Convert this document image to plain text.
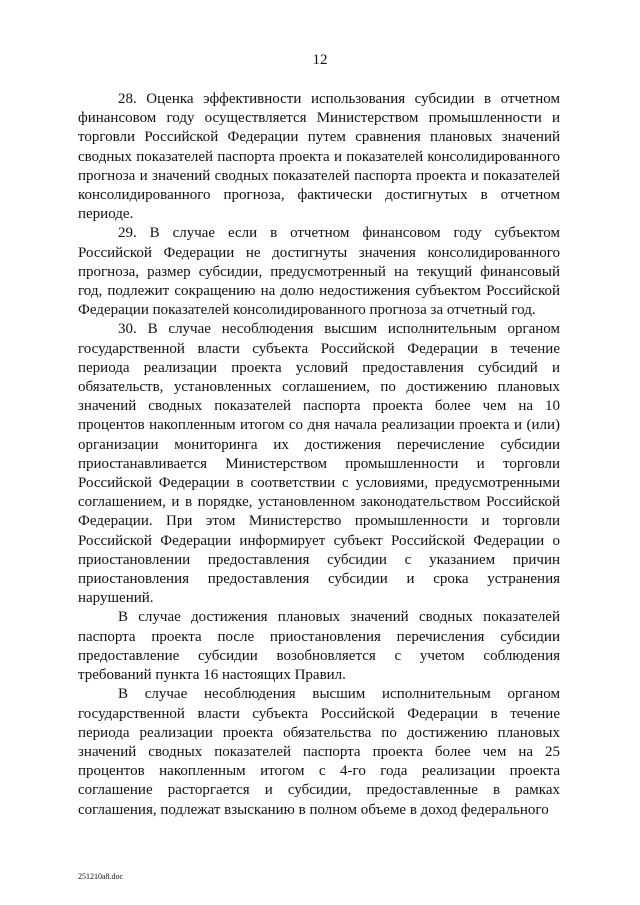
12

28. Оценка эффективности использования субсидии в отчетном финансовом году осуществляется Министерством промышленности и торговли Российской Федерации путем сравнения плановых значений сводных показателей паспорта проекта и показателей консолидированного прогноза и значений сводных показателей паспорта проекта и показателей консолидированного прогноза, фактически достигнутых в отчетном периоде.

29. В случае если в отчетном финансовом году субъектом Российской Федерации не достигнуты значения консолидированного прогноза, размер субсидии, предусмотренный на текущий финансовый год, подлежит сокращению на долю недостижения субъектом Российской Федерации показателей консолидированного прогноза за отчетный год.

30. В случае несоблюдения высшим исполнительным органом государственной власти субъекта Российской Федерации в течение периода реализации проекта условий предоставления субсидий и обязательств, установленных соглашением, по достижению плановых значений сводных показателей паспорта проекта более чем на 10 процентов накопленным итогом со дня начала реализации проекта и (или) организации мониторинга их достижения перечисление субсидии приостанавливается Министерством промышленности и торговли Российской Федерации в соответствии с условиями, предусмотренными соглашением, и в порядке, установленном законодательством Российской Федерации. При этом Министерство промышленности и торговли Российской Федерации информирует субъект Российской Федерации о приостановлении предоставления субсидии с указанием причин приостановления предоставления субсидии и срока устранения нарушений.

В случае достижения плановых значений сводных показателей паспорта проекта после приостановления перечисления субсидии предоставление субсидии возобновляется с учетом соблюдения требований пункта 16 настоящих Правил.

В случае несоблюдения высшим исполнительным органом государственной власти субъекта Российской Федерации в течение периода реализации проекта обязательства по достижению плановых значений сводных показателей паспорта проекта более чем на 25 процентов накопленным итогом с 4-го года реализации проекта соглашение расторгается и субсидии, предоставленные в рамках соглашения, подлежат взысканию в полном объеме в доход федерального

251210a8.doc
